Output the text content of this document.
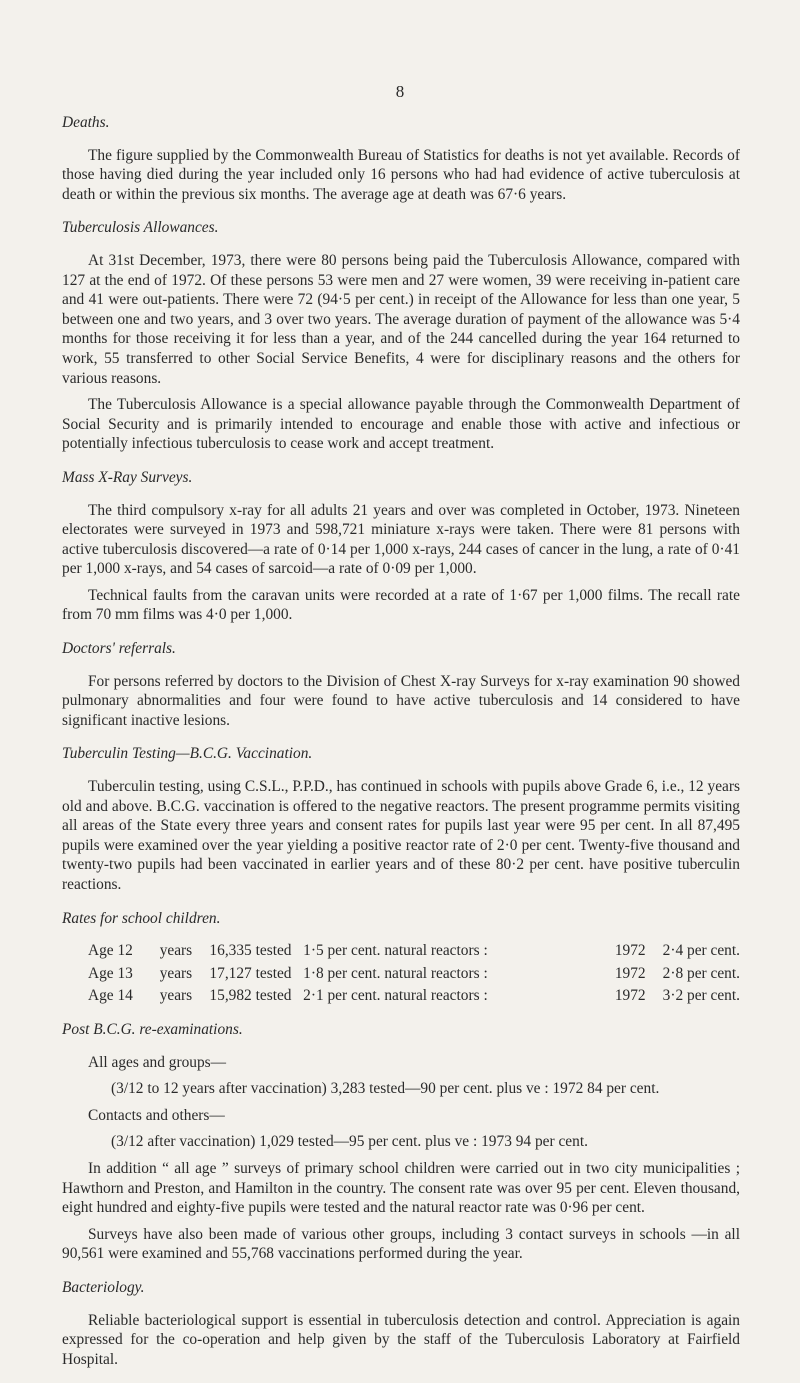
8
Deaths.

The figure supplied by the Commonwealth Bureau of Statistics for deaths is not yet available. Records of those having died during the year included only 16 persons who had had evidence of active tuberculosis at death or within the previous six months. The average age at death was 67·6 years.

Tuberculosis Allowances.

At 31st December, 1973, there were 80 persons being paid the Tuberculosis Allowance, compared with 127 at the end of 1972. Of these persons 53 were men and 27 were women, 39 were receiving in-patient care and 41 were out-patients. There were 72 (94·5 per cent.) in receipt of the Allowance for less than one year, 5 between one and two years, and 3 over two years. The average duration of payment of the allowance was 5·4 months for those receiving it for less than a year, and of the 244 cancelled during the year 164 returned to work, 55 transferred to other Social Service Benefits, 4 were for disciplinary reasons and the others for various reasons.

The Tuberculosis Allowance is a special allowance payable through the Commonwealth Department of Social Security and is primarily intended to encourage and enable those with active and infectious or potentially infectious tuberculosis to cease work and accept treatment.

Mass X-Ray Surveys.

The third compulsory x-ray for all adults 21 years and over was completed in October, 1973. Nineteen electorates were surveyed in 1973 and 598,721 miniature x-rays were taken. There were 81 persons with active tuberculosis discovered—a rate of 0·14 per 1,000 x-rays, 244 cases of cancer in the lung, a rate of 0·41 per 1,000 x-rays, and 54 cases of sarcoid—a rate of 0·09 per 1,000.

Technical faults from the caravan units were recorded at a rate of 1·67 per 1,000 films. The recall rate from 70 mm films was 4·0 per 1,000.

Doctors' referrals.

For persons referred by doctors to the Division of Chest X-ray Surveys for x-ray examination 90 showed pulmonary abnormalities and four were found to have active tuberculosis and 14 considered to have significant inactive lesions.

Tuberculin Testing—B.C.G. Vaccination.

Tuberculin testing, using C.S.L., P.P.D., has continued in schools with pupils above Grade 6, i.e., 12 years old and above. B.C.G. vaccination is offered to the negative reactors. The present programme permits visiting all areas of the State every three years and consent rates for pupils last year were 95 per cent. In all 87,495 pupils were examined over the year yielding a positive reactor rate of 2·0 per cent. Twenty-five thousand and twenty-two pupils had been vaccinated in earlier years and of these 80·2 per cent. have positive tuberculin reactions.

Rates for school children.
Age 12	years	16,335 tested 1·5 per cent. natural reactors :	1972	2·4 per cent.
Age 13	years	17,127 tested 1·8 per cent. natural reactors :	1972	2·8 per cent.
Age 14	years	15,982 tested 2·1 per cent. natural reactors :	1972	3·2 per cent.
Post B.C.G. re-examinations.
All ages and groups—
(3/12 to 12 years after vaccination) 3,283 tested—90 per cent. plus ve : 1972 84 per cent.
Contacts and others—
(3/12 after vaccination) 1,029 tested—95 per cent. plus ve : 1973 94 per cent.

In addition “ all age ” surveys of primary school children were carried out in two city municipalities ; Hawthorn and Preston, and Hamilton in the country. The consent rate was over 95 per cent. Eleven thousand, eight hundred and eighty-five pupils were tested and the natural reactor rate was 0·96 per cent.

Surveys have also been made of various other groups, including 3 contact surveys in schools —in all 90,561 were examined and 55,768 vaccinations performed during the year.

Bacteriology.

Reliable bacteriological support is essential in tuberculosis detection and control. Appreciation is again expressed for the co-operation and help given by the staff of the Tuberculosis Laboratory at Fairfield Hospital.
